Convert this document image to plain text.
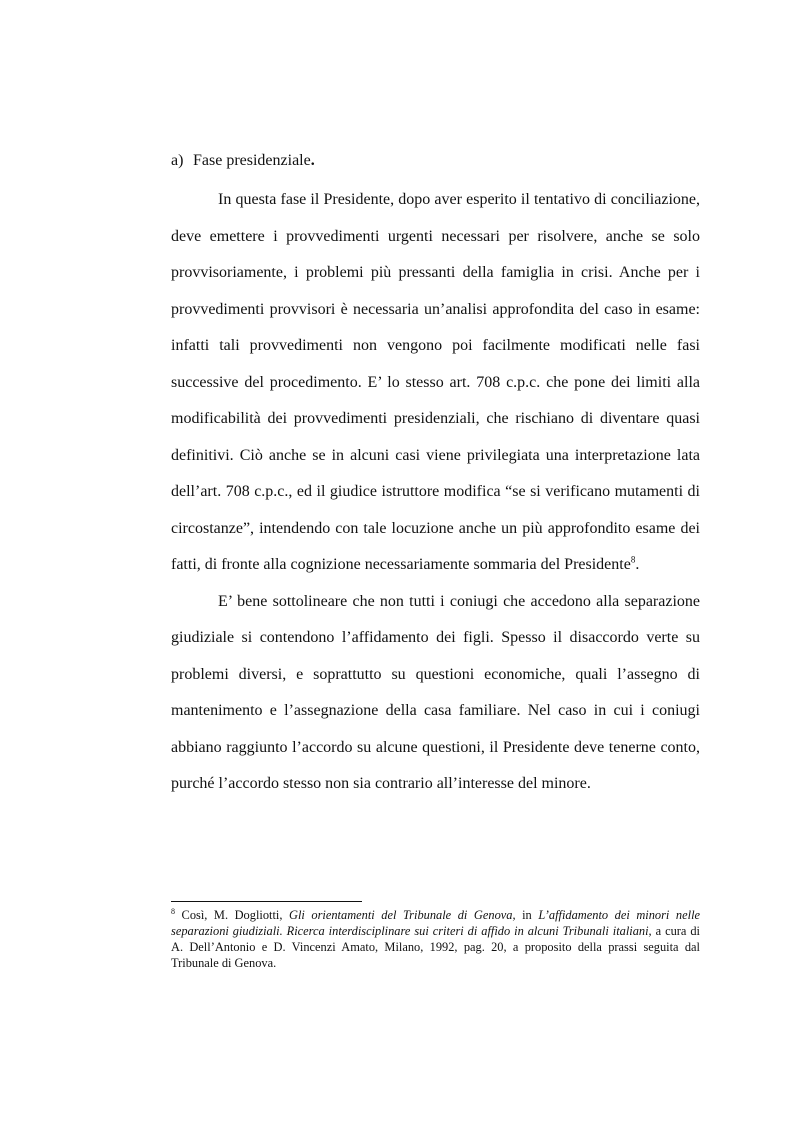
a) Fase presidenziale.

In questa fase il Presidente, dopo aver esperito il tentativo di conciliazione, deve emettere i provvedimenti urgenti necessari per risolvere, anche se solo provvisoriamente, i problemi più pressanti della famiglia in crisi. Anche per i provvedimenti provvisori è necessaria un’analisi approfondita del caso in esame: infatti tali provvedimenti non vengono poi facilmente modificati nelle fasi successive del procedimento. E’ lo stesso art. 708 c.p.c. che pone dei limiti alla modificabilità dei provvedimenti presidenziali, che rischiano di diventare quasi definitivi. Ciò anche se in alcuni casi viene privilegiata una interpretazione lata dell’art. 708 c.p.c., ed il giudice istruttore modifica “se si verificano mutamenti di circostanze”, intendendo con tale locuzione anche un più approfondito esame dei fatti, di fronte alla cognizione necessariamente sommaria del Presidente$^8$.

E’ bene sottolineare che non tutti i coniugi che accedono alla separazione giudiziale si contendono l’affidamento dei figli. Spesso il disaccordo verte su problemi diversi, e soprattutto su questioni economiche, quali l’assegno di mantenimento e l’assegnazione della casa familiare. Nel caso in cui i coniugi abbiano raggiunto l’accordo su alcune questioni, il Presidente deve tenerne conto, purché l’accordo stesso non sia contrario all’interesse del minore.

$^8$ Così, M. Dogliotti, Gli orientamenti del Tribunale di Genova, in L’affidamento dei minori nelle separazioni giudiziali. Ricerca interdisciplinare sui criteri di affido in alcuni Tribunali italiani, a cura di A. Dell’Antonio e D. Vincenzi Amato, Milano, 1992, pag. 20, a proposito della prassi seguita dal Tribunale di Genova.
